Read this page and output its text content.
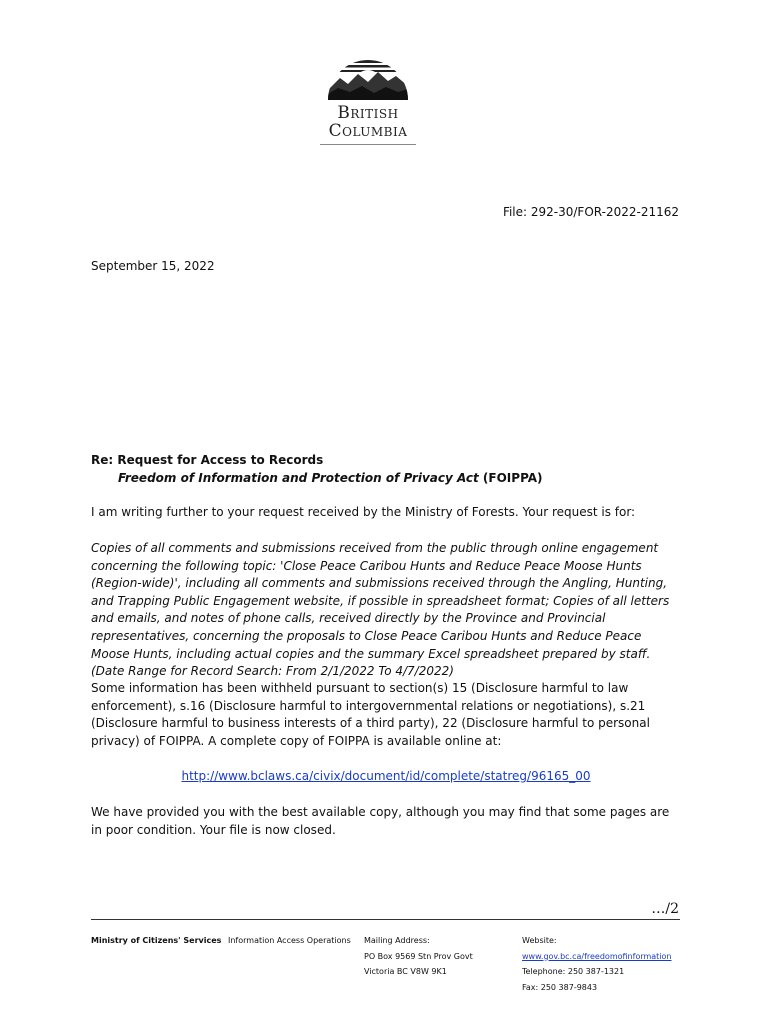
British
Columbia
File: 292-30/FOR-2022-21162
September 15, 2022
Re: Request for Access to Records
Freedom of Information and Protection of Privacy Act (FOIPPA)
I am writing further to your request received by the Ministry of Forests. Your request is for:
Copies of all comments and submissions received from the public through online engagement concerning the following topic: 'Close Peace Caribou Hunts and Reduce Peace Moose Hunts (Region-wide)', including all comments and submissions received through the Angling, Hunting, and Trapping Public Engagement website, if possible in spreadsheet format; Copies of all letters and emails, and notes of phone calls, received directly by the Province and Provincial representatives, concerning the proposals to Close Peace Caribou Hunts and Reduce Peace Moose Hunts, including actual copies and the summary Excel spreadsheet prepared by staff. (Date Range for Record Search: From 2/1/2022 To 4/7/2022)
Some information has been withheld pursuant to section(s) 15 (Disclosure harmful to law enforcement), s.16 (Disclosure harmful to intergovernmental relations or negotiations), s.21 (Disclosure harmful to business interests of a third party), 22 (Disclosure harmful to personal privacy) of FOIPPA. A complete copy of FOIPPA is available online at:
http://www.bclaws.ca/civix/document/id/complete/statreg/96165_00
We have provided you with the best available copy, although you may find that some pages are in poor condition. Your file is now closed.
…/2
Ministry of Citizens' Services Information Access Operations Mailing Address:
PO Box 9569 Stn Prov Govt
Victoria BC V8W 9K1
Website:
www.gov.bc.ca/freedomofinformation
Telephone: 250 387-1321
Fax: 250 387-9843
